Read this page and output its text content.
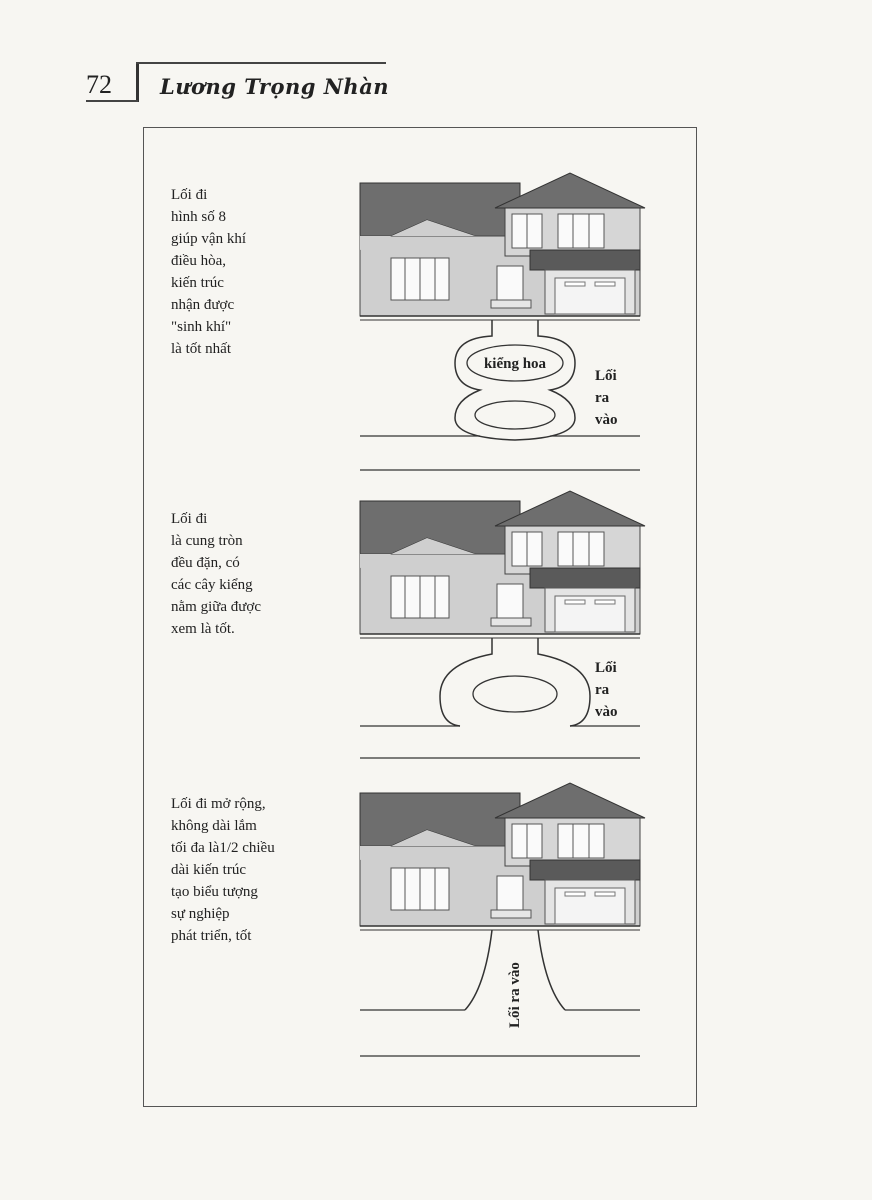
72 Lương Trọng Nhàn
Lối đi
hình số 8
giúp vận khí
điều hòa,
kiến trúc
nhận được
"sinh khí"
là tốt nhất
Lối đi
là cung tròn
đều đặn, có
các cây kiểng
nằm giữa được
xem là tốt.
Lối đi mở rộng,
không dài lắm
tối đa là1/2 chiều
dài kiến trúc
tạo biểu tượng
sự nghiệp
phát triển, tốt
kiểng hoa
Lối
ra
vào
Lối
ra
vào
Lối ra vào
